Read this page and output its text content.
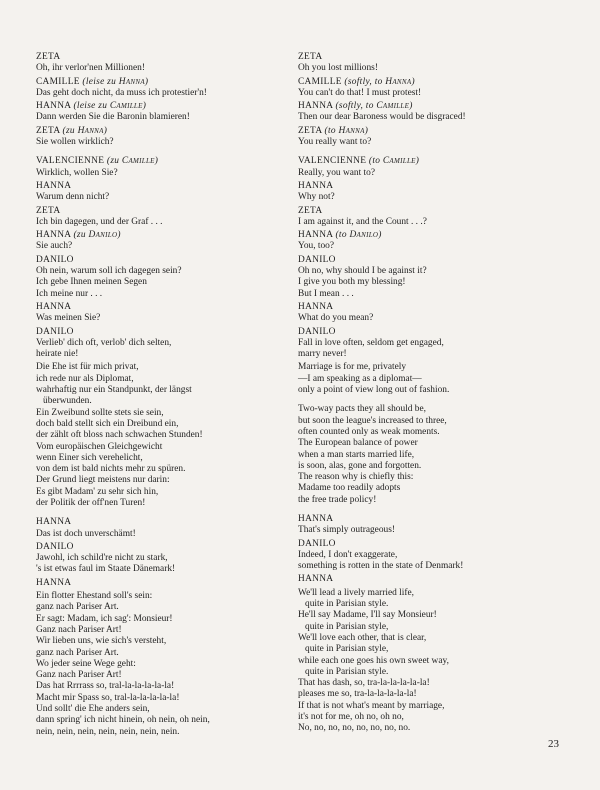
ZETA
Oh, ihr verlor'nen Millionen!
CAMILLE (leise zu Hanna)
Das geht doch nicht, da muss ich protestier'n!
HANNA (leise zu Camille)
Dann werden Sie die Baronin blamieren!
ZETA (zu Hanna)
Sie wollen wirklich?
VALENCIENNE (zu Camille)
Wirklich, wollen Sie?
HANNA
Warum denn nicht?
ZETA
Ich bin dagegen, und der Graf . . .
HANNA (zu Danilo)
Sie auch?
DANILO
Oh nein, warum soll ich dagegen sein?
Ich gebe Ihnen meinen Segen
Ich meine nur . . .
HANNA
Was meinen Sie?
DANILO
Verlieb' dich oft, verlob' dich selten,
heirate nie!
Die Ehe ist für mich privat,
ich rede nur als Diplomat,
wahrhaftig nur ein Standpunkt, der längst
überwunden.
Ein Zweibund sollte stets sie sein,
doch bald stellt sich ein Dreibund ein,
der zählt oft bloss nach schwachen Stunden!
Vom europäischen Gleichgewicht
wenn Einer sich verehelicht,
von dem ist bald nichts mehr zu spüren.
Der Grund liegt meistens nur darin:
Es gibt Madam' zu sehr sich hin,
der Politik der off'nen Turen!
HANNA
Das ist doch unverschämt!
DANILO
Jawohl, ich schild're nicht zu stark,
's ist etwas faul im Staate Dänemark!
HANNA
Ein flotter Ehestand soll's sein:
ganz nach Pariser Art.
Er sagt: Madam, ich sag': Monsieur!
Ganz nach Pariser Art!
Wir lieben uns, wie sich's versteht,
ganz nach Pariser Art.
Wo jeder seine Wege geht:
Ganz nach Pariser Art!
Das hat Rrrrass so, tral-la-la-la-la-la!
Macht mir Spass so, tral-la-la-la-la-la!
Und sollt' die Ehe anders sein,
dann spring' ich nicht hinein, oh nein, oh nein,
nein, nein, nein, nein, nein, nein, nein.
ZETA
Oh you lost millions!
CAMILLE (softly, to Hanna)
You can't do that! I must protest!
HANNA (softly, to Camille)
Then our dear Baroness would be disgraced!
ZETA (to Hanna)
You really want to?
VALENCIENNE (to Camille)
Really, you want to?
HANNA
Why not?
ZETA
I am against it, and the Count . . .?
HANNA (to Danilo)
You, too?
DANILO
Oh no, why should I be against it?
I give you both my blessing!
But I mean . . .
HANNA
What do you mean?
DANILO
Fall in love often, seldom get engaged,
marry never!
Marriage is for me, privately
—I am speaking as a diplomat—
only a point of view long out of fashion.
Two-way pacts they all should be,
but soon the league's increased to three,
often counted only as weak moments.
The European balance of power
when a man starts married life,
is soon, alas, gone and forgotten.
The reason why is chiefly this:
Madame too readily adopts
the free trade policy!
HANNA
That's simply outrageous!
DANILO
Indeed, I don't exaggerate,
something is rotten in the state of Denmark!
HANNA
We'll lead a lively married life,
quite in Parisian style.
He'll say Madame, I'll say Monsieur!
quite in Parisian style,
We'll love each other, that is clear,
quite in Parisian style,
while each one goes his own sweet way,
quite in Parisian style.
That has dash, so, tra-la-la-la-la-la!
pleases me so, tra-la-la-la-la-la!
If that is not what's meant by marriage,
it's not for me, oh no, oh no,
No, no, no, no, no, no, no, no.
23
